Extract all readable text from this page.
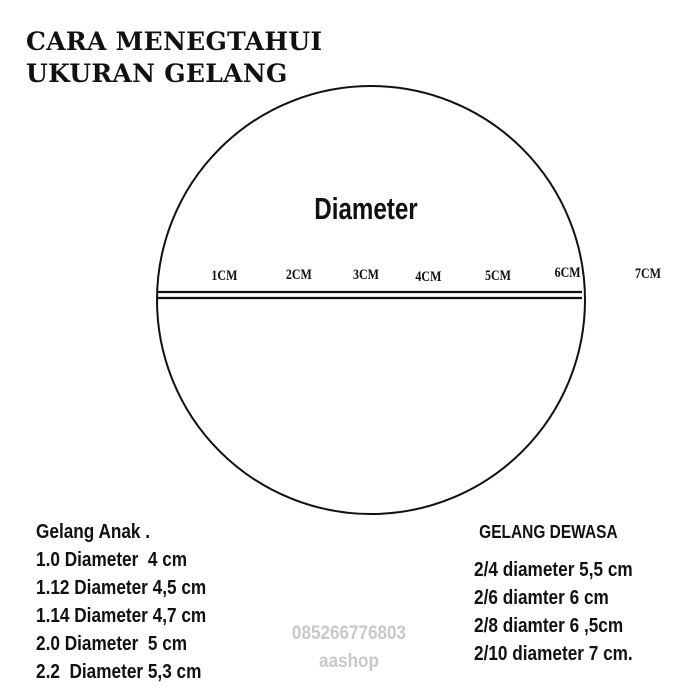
CARA MENEGTAHUI
UKURAN GELANG
Diameter
1CM	2CM	3CM 4CM	5CM	6CM	7CM
Gelang Anak .
1.0 Diameter  4 cm
1.12 Diameter 4,5 cm
1.14 Diameter 4,7 cm
2.0 Diameter  5 cm
2.2  Diameter 5,3 cm
GELANG DEWASA
2/4 diameter 5,5 cm
2/6 diamter 6 cm
2/8 diamter 6 ,5cm
2/10 diameter 7 cm.
085266776803
aashop
